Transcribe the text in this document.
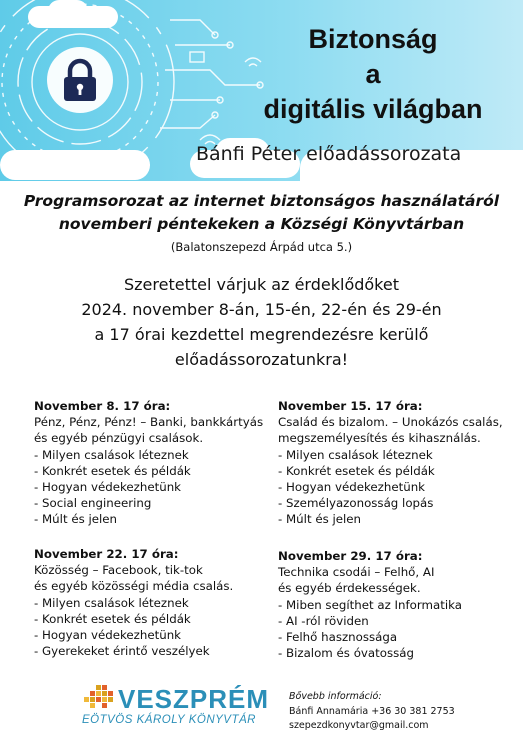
Biztonság
a
digitális világban
Bánfi Péter előadássorozata
Programsorozat az internet biztonságos használatáról
novemberi péntekeken a Községi Könyvtárban
(Balatonszepezd Árpád utca 5.)
Szeretettel várjuk az érdeklődőket
2024. november 8-án, 15-én, 22-én és 29-én
a 17 órai kezdettel megrendezésre kerülő
előadássorozatunkra!
November 8. 17 óra:
Pénz, Pénz, Pénz! – Banki, bankkártyás
és egyéb pénzügyi csalások.
- Milyen csalások léteznek
- Konkrét esetek és példák
- Hogyan védekezhetünk
- Social engineering
- Múlt és jelen
November 15. 17 óra:
Család és bizalom. – Unokázós csalás,
megszemélyesítés és kihasználás.
- Milyen csalások léteznek
- Konkrét esetek és példák
- Hogyan védekezhetünk
- Személyazonosság lopás
- Múlt és jelen
November 22. 17 óra:
Közösség – Facebook, tik-tok
és egyéb közösségi média csalás.
- Milyen csalások léteznek
- Konkrét esetek és példák
- Hogyan védekezhetünk
- Gyerekeket érintő veszélyek
November 29. 17 óra:
Technika csodái – Felhő, AI
és egyéb érdekességek.
- Miben segíthet az Informatika
- AI -ról röviden
- Felhő hasznossága
- Bizalom és óvatosság
VESZPRÉM
EÖTVÖS KÁROLY KÖNYVTÁR
Bővebb információ:
Bánfi Annamária +36 30 381 2753
szepezdkonyvtar@gmail.com
